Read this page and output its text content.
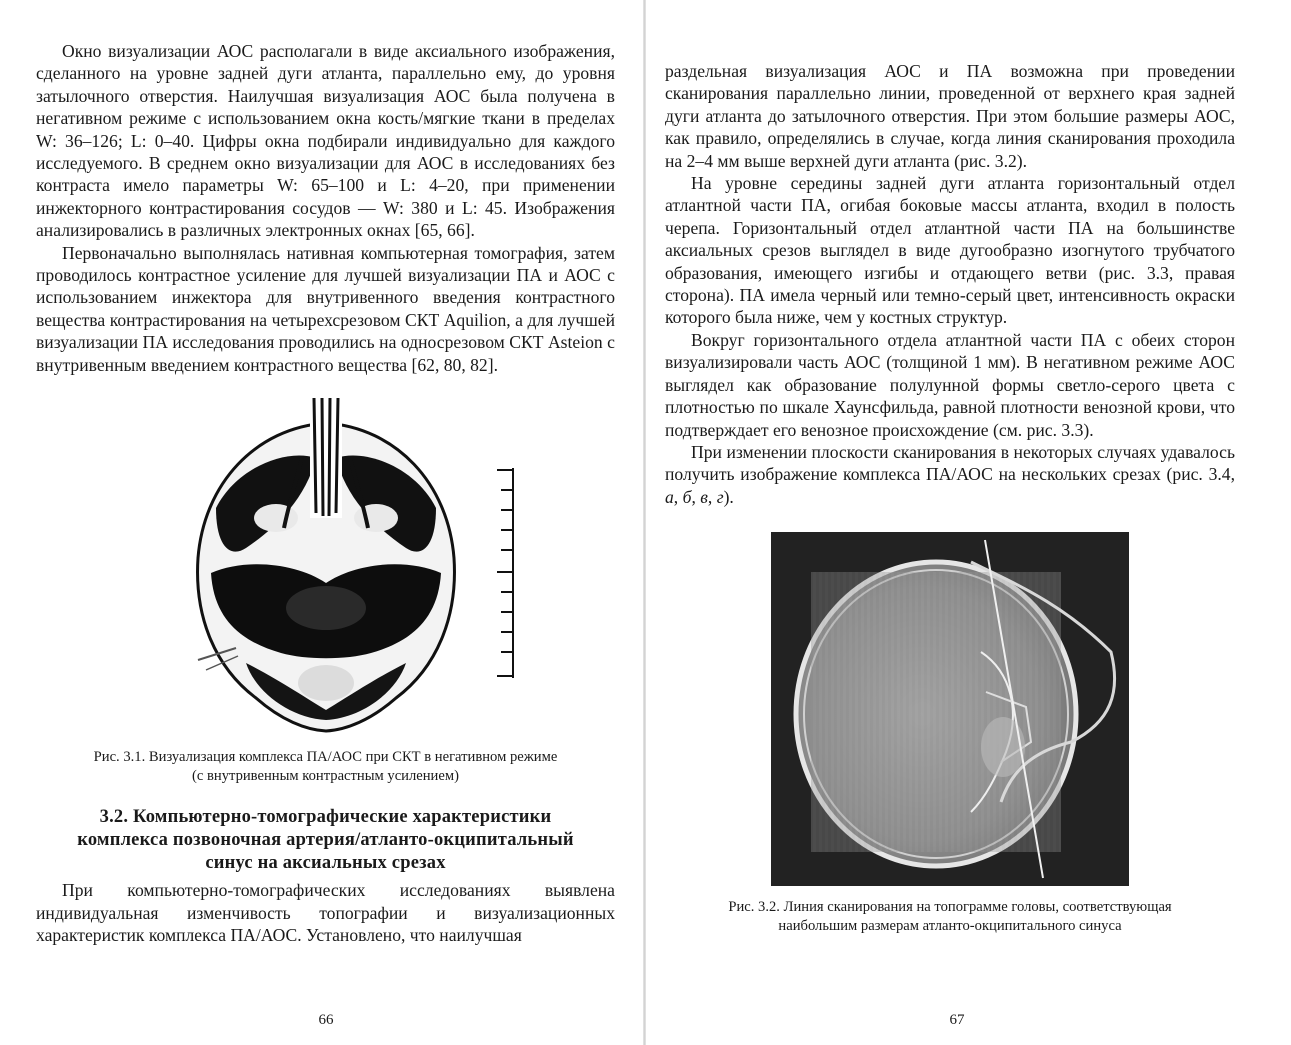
Окно визуализации АОС располагали в виде аксиального изображения, сделанного на уровне задней дуги атланта, параллельно ему, до уровня затылочного отверстия. Наилучшая визуализация АОС была получена в негативном режиме с использованием окна кость/мягкие ткани в пределах W: 36–126; L: 0–40. Цифры окна подбирали индивидуально для каждого исследуемого. В среднем окно визуализации для АОС в исследованиях без контраста имело параметры W: 65–100 и L: 4–20, при применении инжекторного контрастирования сосудов — W: 380 и L: 45. Изображения анализировались в различных электронных окнах [65, 66].

Первоначально выполнялась нативная компьютерная томография, затем проводилось контрастное усиление для лучшей визуализации ПА и АОС с использованием инжектора для внутривенного введения контрастного вещества контрастирования на четырехсрезовом СКТ Aquilion, а для лучшей визуализации ПА исследования проводились на односрезовом СКТ Asteion с внутривенным введением контрастного вещества [62, 80, 82].

Рис. 3.1. Визуализация комплекса ПА/АОС при СКТ в негативном режиме

(с внутривенным контрастным усилением)

3.2. Компьютерно-томографические характеристики
комплекса позвоночная артерия/атланто-окципитальный
синус на аксиальных срезах

При компьютерно-томографических исследованиях выявлена индивидуальная изменчивость топографии и визуализационных характеристик комплекса ПА/АОС. Установлено, что наилучшая

66

раздельная визуализация АОС и ПА возможна при проведении сканирования параллельно линии, проведенной от верхнего края задней дуги атланта до затылочного отверстия. При этом большие размеры АОС, как правило, определялись в случае, когда линия сканирования проходила на 2–4 мм выше верхней дуги атланта (рис. 3.2).

На уровне середины задней дуги атланта горизонтальный отдел атлантной части ПА, огибая боковые массы атланта, входил в полость черепа. Горизонтальный отдел атлантной части ПА на большинстве аксиальных срезов выглядел в виде дугообразно изогнутого трубчатого образования, имеющего изгибы и отдающего ветви (рис. 3.3, правая сторона). ПА имела черный или темно-серый цвет, интенсивность окраски которого была ниже, чем у костных структур.

Вокруг горизонтального отдела атлантной части ПА с обеих сторон визуализировали часть АОС (толщиной 1 мм). В негативном режиме АОС выглядел как образование полулунной формы светло-серого цвета с плотностью по шкале Хаунсфильда, равной плотности венозной крови, что подтверждает его венозное происхождение (см. рис. 3.3).

При изменении плоскости сканирования в некоторых случаях удавалось получить изображение комплекса ПА/АОС на нескольких срезах (рис. 3.4, а, б, в, г).

Рис. 3.2. Линия сканирования на топограмме головы, соответствующая

наибольшим размерам атланто-окципитального синуса

67
